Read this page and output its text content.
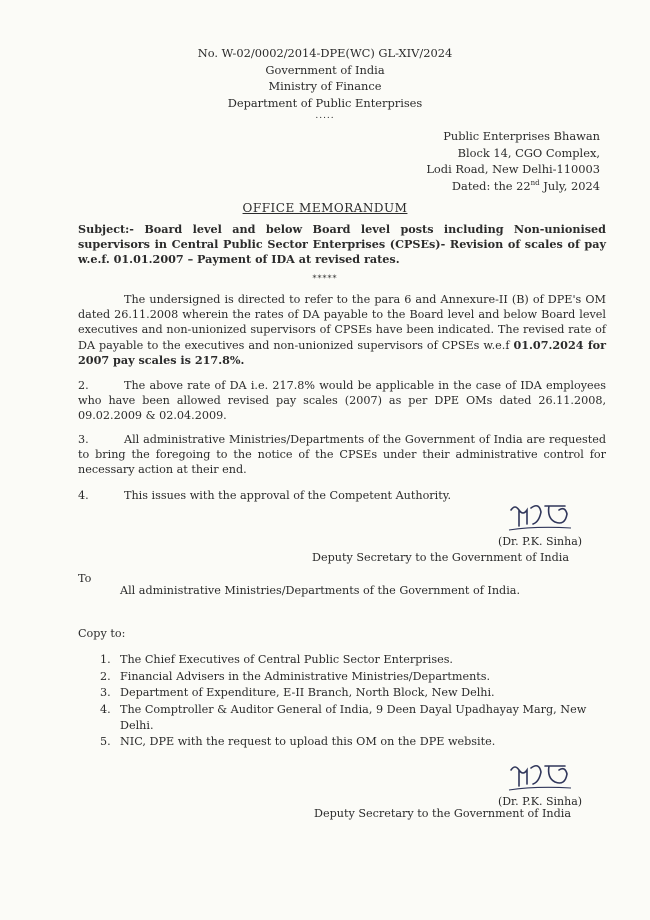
No. W-02/0002/2014-DPE(WC) GL-XIV/2024
Government of India
Ministry of Finance
Department of Public Enterprises
.....
Public Enterprises Bhawan
Block 14, CGO Complex,
Lodi Road, New Delhi-110003
Dated: the 22nd July, 2024
OFFICE MEMORANDUM
Subject:- Board level and below Board level posts including Non-unionised supervisors in Central Public Sector Enterprises (CPSEs)- Revision of scales of pay w.e.f. 01.01.2007 – Payment of IDA at revised rates.
*****
The undersigned is directed to refer to the para 6 and Annexure-II (B) of DPE's OM dated 26.11.2008 wherein the rates of DA payable to the Board level and below Board level executives and non-unionized supervisors of CPSEs have been indicated. The revised rate of DA payable to the executives and non-unionized supervisors of CPSEs w.e.f 01.07.2024 for 2007 pay scales is 217.8%.
2.	The above rate of DA i.e. 217.8% would be applicable in the case of IDA employees who have been allowed revised pay scales (2007) as per DPE OMs dated 26.11.2008, 09.02.2009 & 02.04.2009.
3.	All administrative Ministries/Departments of the Government of India are requested to bring the foregoing to the notice of the CPSEs under their administrative control for necessary action at their end.
4.	This issues with the approval of the Competent Authority.
(Dr. P.K. Sinha)
Deputy Secretary to the Government of India
To
All administrative Ministries/Departments of the Government of India.
Copy to:
1. The Chief Executives of Central Public Sector Enterprises.
2. Financial Advisers in the Administrative Ministries/Departments.
3. Department of Expenditure, E-II Branch, North Block, New Delhi.
4. The Comptroller & Auditor General of India, 9 Deen Dayal Upadhayay Marg, New Delhi.
5. NIC, DPE with the request to upload this OM on the DPE website.
(Dr. P.K. Sinha)
Deputy Secretary to the Government of India
